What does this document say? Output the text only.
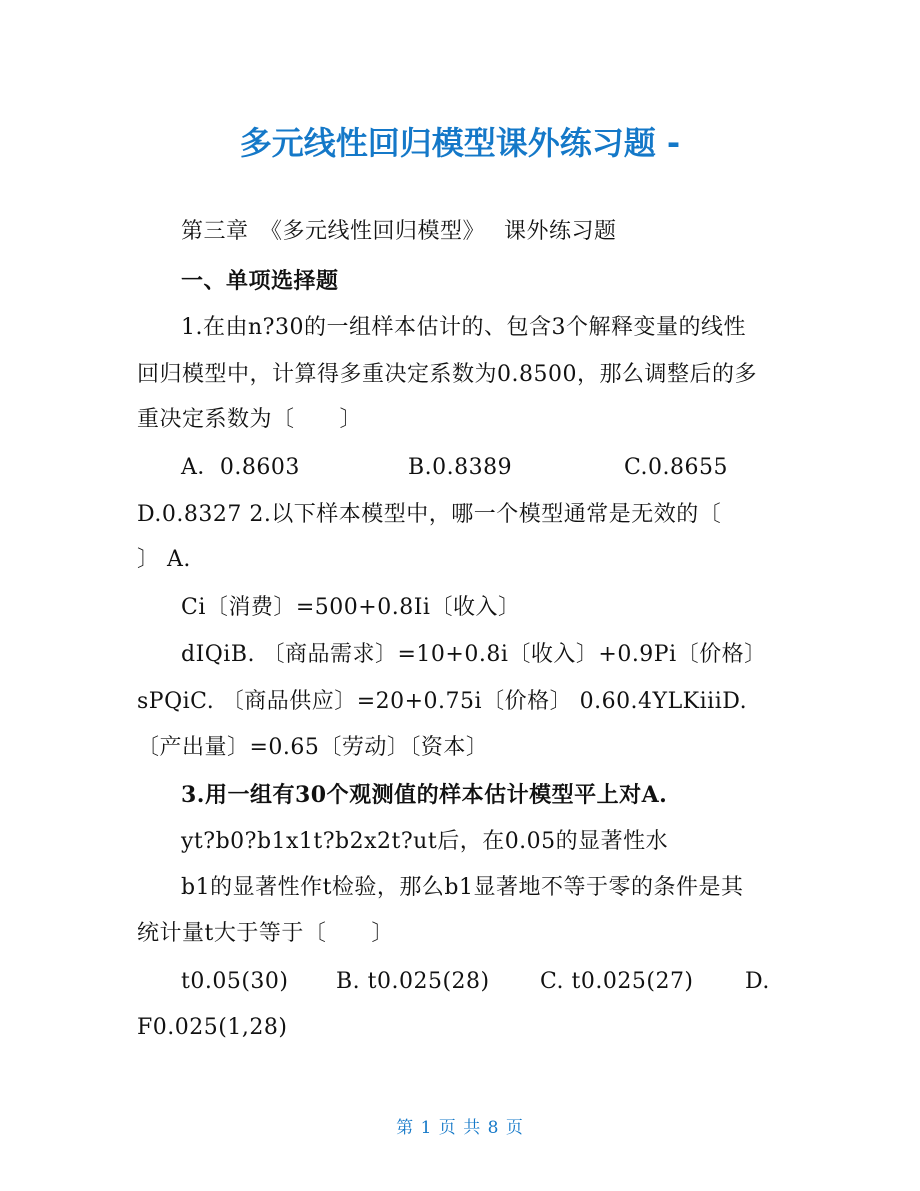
多元线性回归模型课外练习题 -
第三章　《多元线性回归模型》　 课外练习题
一、单项选择题
1.在由n?30的一组样本估计的、包含3个解释变量的线性
回归模型中，计算得多重决定系数为0.8500，那么调整后的多
重决定系数为〔　　〕
A．0.8603	B.0.8389	C.0.8655
D.0.8327 2.以下样本模型中，哪一个模型通常是无效的〔
〕 A.
Ci〔消费〕=500+0.8Ii〔收入〕
dIQiB. 〔商品需求〕=10+0.8i〔收入〕+0.9Pi〔价格〕
sPQiC. 〔商品供应〕=20+0.75i〔价格〕 0.60.4YLKiiiD.
〔产出量〕=0.65〔劳动〕〔资本〕
3.用一组有30个观测值的样本估计模型平上对A.
yt?b0?b1x1t?b2x2t?ut后，在0.05的显著性水
b1的显著性作t检验，那么b1显著地不等于零的条件是其
统计量t大于等于〔　　〕
t0.05(30) B. t0.025(28) C. t0.025(27) D.
F0.025(1,28)
第 1 页 共 8 页
